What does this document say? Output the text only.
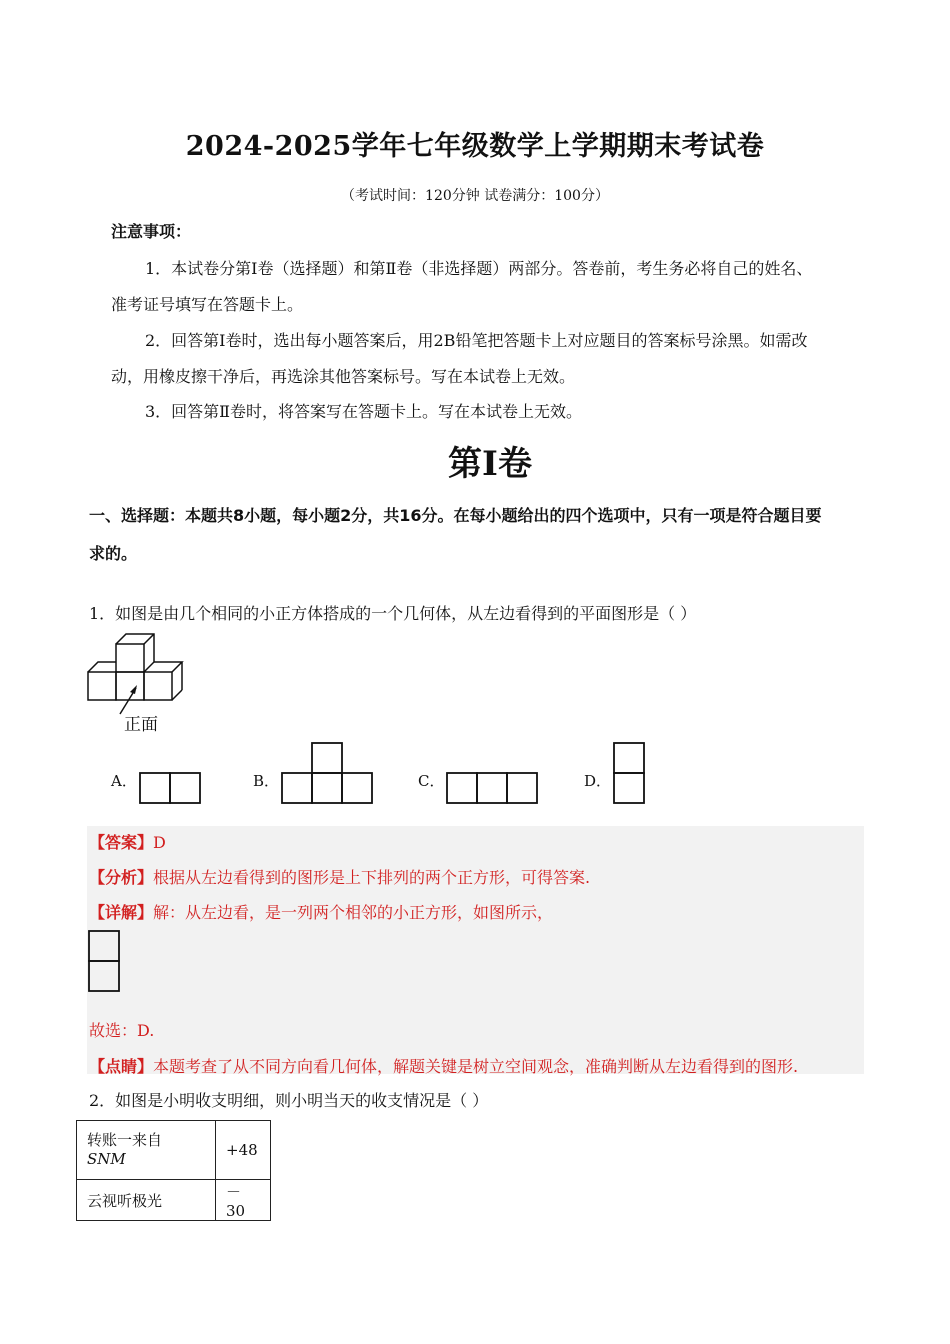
2024-2025学年七年级数学上学期期末考试卷
（考试时间：120分钟 试卷满分：100分）
注意事项：
1．本试卷分第Ⅰ卷（选择题）和第Ⅱ卷（非选择题）两部分。答卷前，考生务必将自己的姓名、
准考证号填写在答题卡上。
2．回答第Ⅰ卷时，选出每小题答案后，用2B铅笔把答题卡上对应题目的答案标号涂黑。如需改
动，用橡皮擦干净后，再选涂其他答案标号。写在本试卷上无效。
3．回答第Ⅱ卷时，将答案写在答题卡上。写在本试卷上无效。
第I卷
一、选择题：本题共8小题，每小题2分，共16分。在每小题给出的四个选项中，只有一项是符合题目要
求的。
1．如图是由几个相同的小正方体搭成的一个几何体，从左边看得到的平面图形是（ ）
正面
A．	B．	C．	D．
【答案】D
【分析】根据从左边看得到的图形是上下排列的两个正方形，可得答案.
【详解】解：从左边看，是一列两个相邻的小正方形，如图所示，
故选：D.
【点睛】本题考查了从不同方向看几何体，解题关键是树立空间观念，准确判断从左边看得到的图形.
2．如图是小明收支明细，则小明当天的收支情况是（ ）
转账一来自
SNM	+48
云视听极光	－30
